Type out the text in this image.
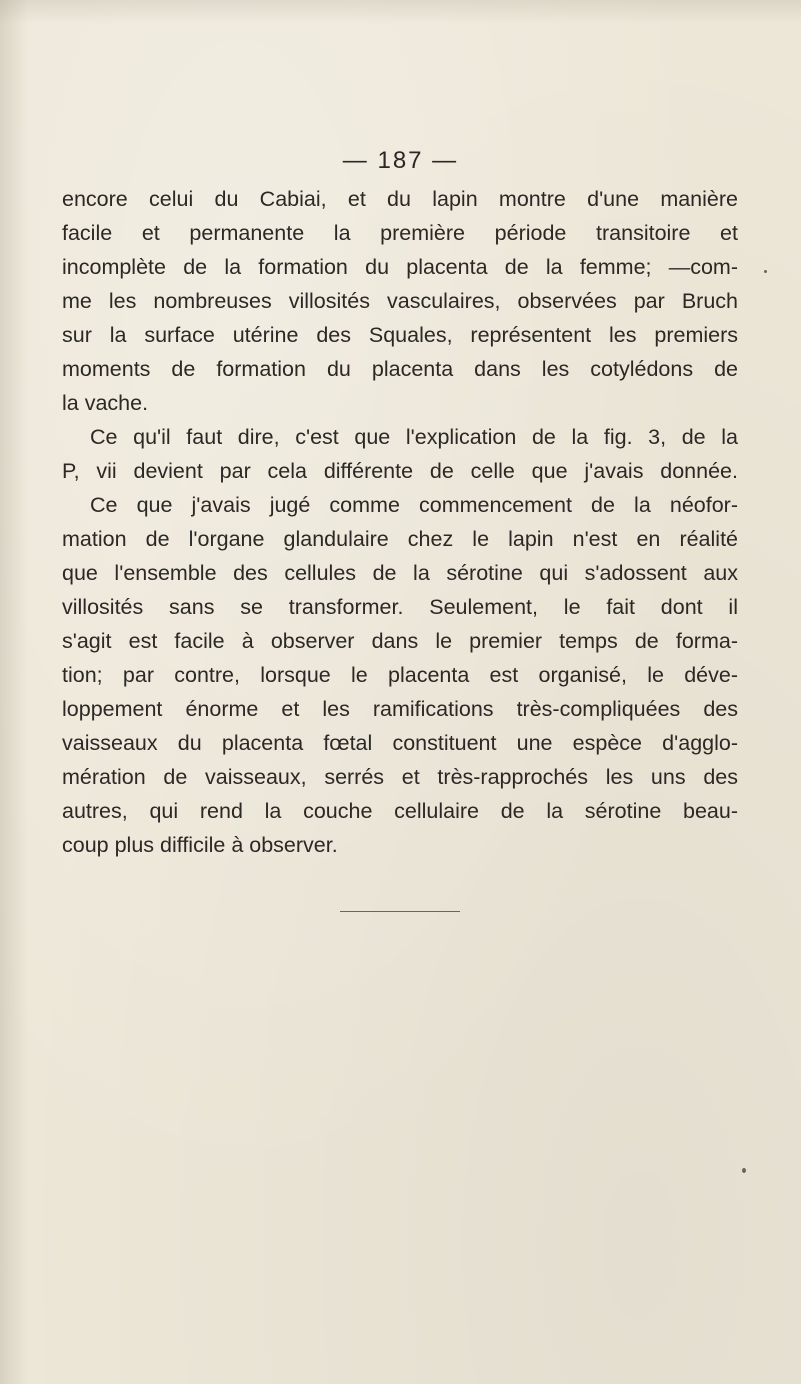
— 187 —
encore celui du Cabiai, et du lapin montre d'une manière
facile et permanente la première période transitoire et
incomplète de la formation du placenta de la femme; —com-
me les nombreuses villosités vasculaires, observées par Bruch
sur la surface utérine des Squales, représentent les premiers
moments de formation du placenta dans les cotylédons de
la vache.
Ce qu'il faut dire, c'est que l'explication de la fig. 3, de la
P, vii devient par cela différente de celle que j'avais donnée.
Ce que j'avais jugé comme commencement de la néofor-
mation de l'organe glandulaire chez le lapin n'est en réalité
que l'ensemble des cellules de la sérotine qui s'adossent aux
villosités sans se transformer. Seulement, le fait dont il
s'agit est facile à observer dans le premier temps de forma-
tion; par contre, lorsque le placenta est organisé, le déve-
loppement énorme et les ramifications très-compliquées des
vaisseaux du placenta fœtal constituent une espèce d'agglo-
mération de vaisseaux, serrés et très-rapprochés les uns des
autres, qui rend la couche cellulaire de la sérotine beau-
coup plus difficile à observer.
